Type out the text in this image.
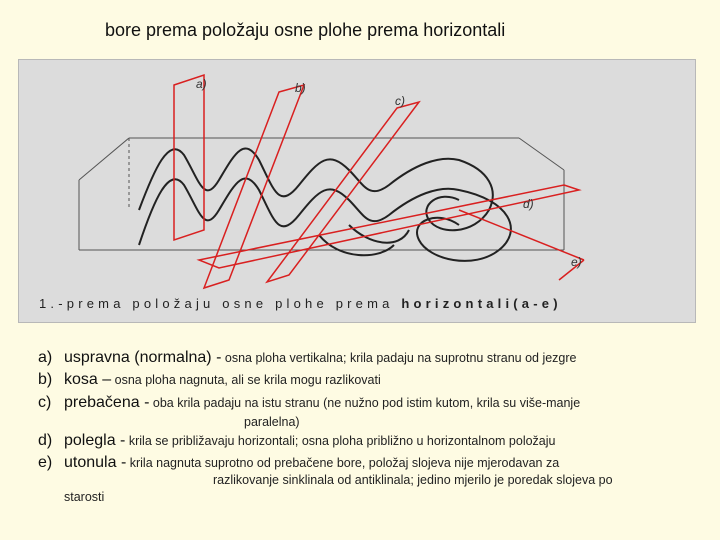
bore prema položaju osne plohe prema horizontali
a)	b)
c)
d)
e)
1.-prema položaju osne plohe prema horizontali(a-e)
a) uspravna (normalna) - osna ploha vertikalna; krila padaju na suprotnu stranu od jezgre
b) kosa – osna ploha nagnuta, ali se krila mogu razlikovati
c) prebačena - oba krila padaju na istu stranu (ne nužno pod istim kutom, krila su više-manje
paralelna)
d) polegla - krila se približavaju horizontali; osna ploha približno u horizontalnom položaju
e) utonula - krila nagnuta suprotno od prebačene bore, položaj slojeva nije mjerodavan za
razlikovanje sinklinala od antiklinala; jedino mjerilo je poredak slojeva po
starosti
